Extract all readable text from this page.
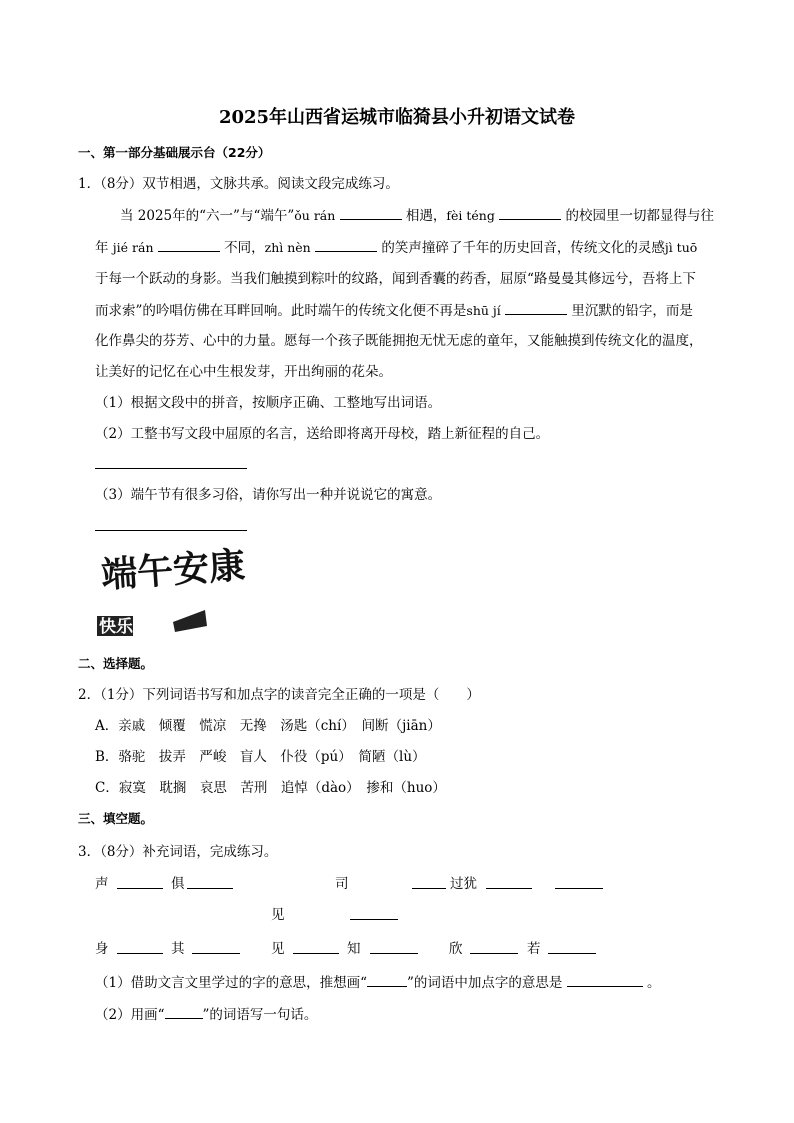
2025年山西省运城市临猗县小升初语文试卷
一、第一部分基础展示台（22分）
1．（8分）双节相遇，文脉共承。阅读文段完成练习。
当 2025年的“六一”与“端午”ǒu rán	相遇，fèi téng	的校园里一切都显得与往
年 jié rán	不同，zhì nèn	的笑声撞碎了千年的历史回音，传统文化的灵感jì tuō
于每一个跃动的身影。当我们触摸到粽叶的纹路，闻到香囊的药香，屈原“路曼曼其修远兮，吾将上下
而求索”的吟唱仿佛在耳畔回响。此时端午的传统文化便不再是shū jí	里沉默的铅字，而是
化作鼻尖的芬芳、心中的力量。愿每一个孩子既能拥抱无忧无虑的童年，又能触摸到传统文化的温度，
让美好的记忆在心中生根发芽，开出绚丽的花朵。
（1）根据文段中的拼音，按顺序正确、工整地写出词语。
（2）工整书写文段中屈原的名言，送给即将离开母校，踏上新征程的自己。
（3）端午节有很多习俗，请你写出一种并说说它的寓意。
端午安康
快乐六一
二、选择题。
2．（1分）下列词语书写和加点字的读音完全正确的一项是（　　）
A．亲戚　倾覆　慌凉　无搀　汤匙（chí）　间断（jiān）
B．骆驼　拔弄　严峻　盲人　仆役（pú）　简陋（lù）
C．寂寞　耽搁　哀思　苦刑　追悼（dào）　掺和（huo）
三、填空题。
3．（8分）补充词语，完成练习。
声	俱	司	过犹
见
身	其	见	知	欣	若
（1）借助文言文里学过的字的意思，推想画“	”的词语中加点字的意思是	。
（2）用画“	”的词语写一句话。
